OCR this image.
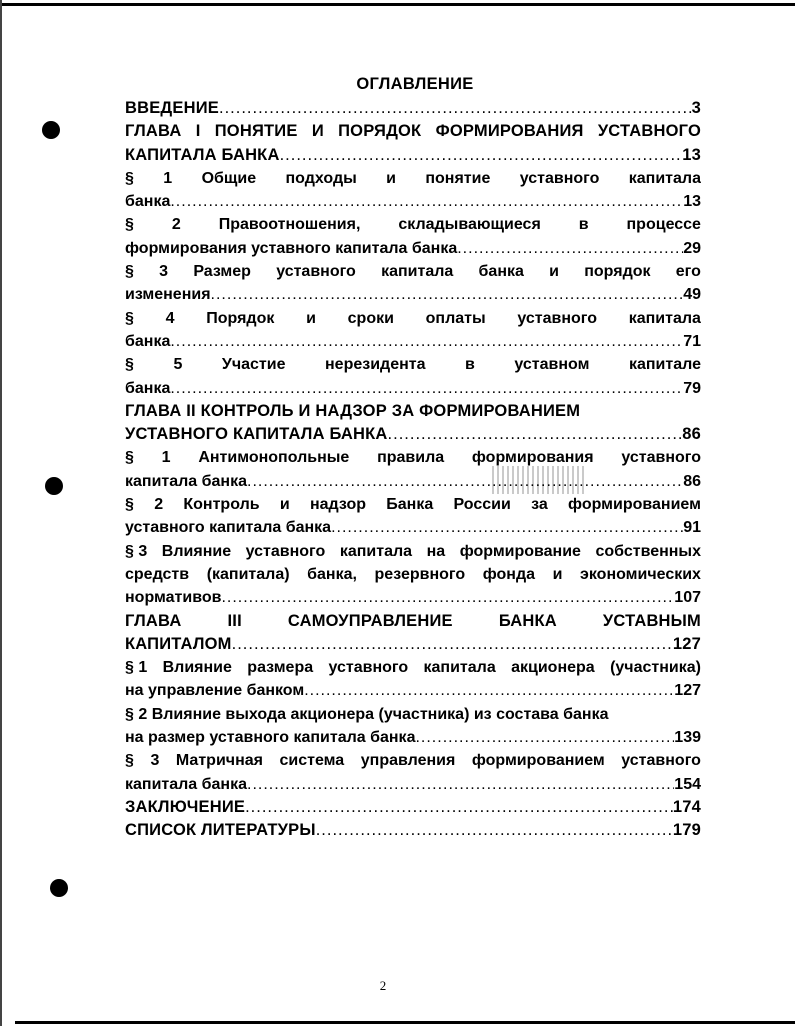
ОГЛАВЛЕНИЕ
ВВЕДЕНИЕ .....	3
ГЛАВА I ПОНЯТИЕ И ПОРЯДОК ФОРМИРОВАНИЯ УСТАВНОГО
КАПИТАЛА БАНКА .....	13
§ 1 Общие подходы и понятие уставного капитала
банка .....	13
§ 2 Правоотношения, складывающиеся в процессе
формирования уставного капитала банка .....	29
§ 3 Размер уставного капитала банка и порядок его
изменения .....	49
§ 4 Порядок и сроки оплаты уставного капитала
банка .....	71
§ 5 Участие нерезидента в уставном капитале
банка .....	79
ГЛАВА II КОНТРОЛЬ И НАДЗОР ЗА ФОРМИРОВАНИЕМ
УСТАВНОГО КАПИТАЛА БАНКА .....	86
§ 1 Антимонопольные правила формирования уставного
капитала банка .....	86
§ 2 Контроль и надзор Банка России за формированием
уставного капитала банка .....	91
§ 3 Влияние уставного капитала на формирование собственных
средств (капитала) банка, резервного фонда и экономических
нормативов .....	107
ГЛАВА	III	САМОУПРАВЛЕНИЕ	БАНКА	УСТАВНЫМ
КАПИТАЛОМ .....	127
§ 1 Влияние размера уставного капитала акционера (участника)
на управление банком .....	127
§ 2 Влияние выхода акционера (участника) из состава банка
на размер уставного капитала банка .....	139
§ 3 Матричная система управления формированием уставного
капитала банка .....	154
ЗАКЛЮЧЕНИЕ .....	174
СПИСОК ЛИТЕРАТУРЫ .....	179
2
